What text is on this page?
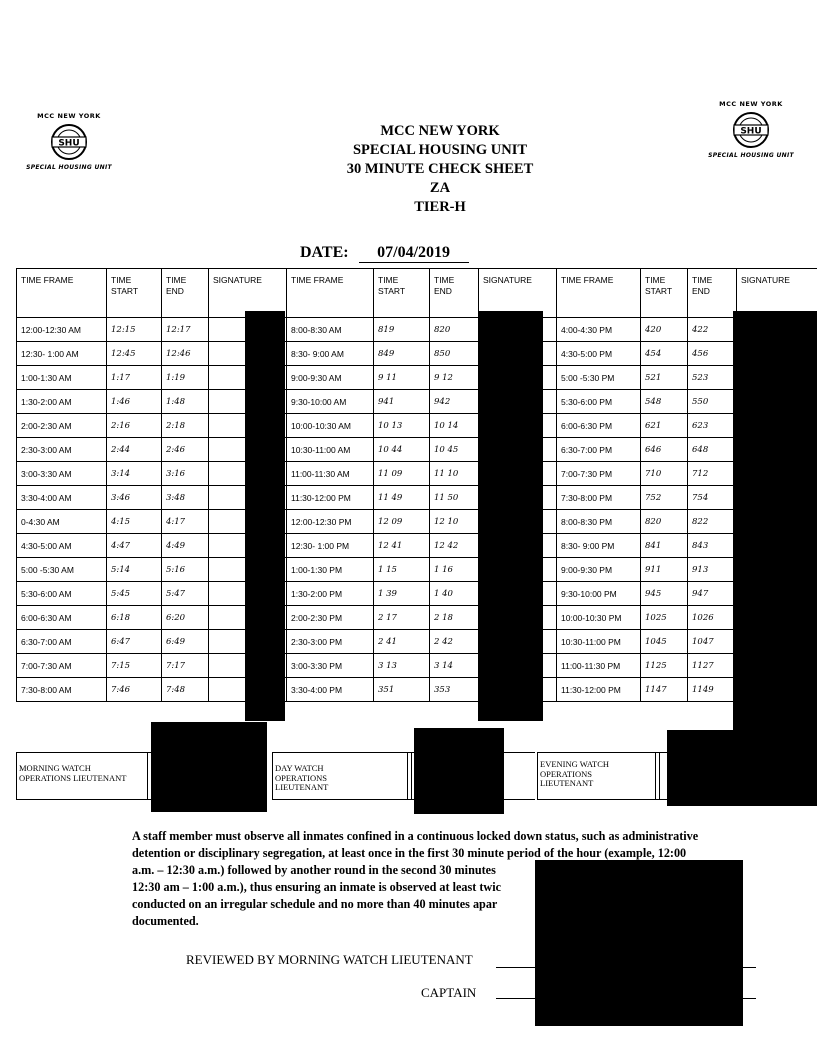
MCC NEW YORK
SHU
SPECIAL HOUSING UNIT
MCC NEW YORK
SHU
SPECIAL HOUSING UNIT
MCC NEW YORK
SPECIAL HOUSING UNIT
30 MINUTE CHECK SHEET
ZA
TIER-H
DATE: 07/04/2019
TIME FRAME	TIME START	TIME END	SIGNATURE	TIME FRAME	TIME START	TIME END	SIGNATURE	TIME FRAME	TIME START	TIME END	SIGNATURE
12:00-12:30 AM	12:15	12:17		8:00-8:30 AM	819	820		4:00-4:30 PM	420	422	
12:30- 1:00 AM	12:45	12:46		8:30- 9:00 AM	849	850		4:30-5:00 PM	454	456	
1:00-1:30 AM	1:17	1:19		9:00-9:30 AM	9 11	9 12		5:00 -5:30 PM	521	523	
1:30-2:00 AM	1:46	1:48		9:30-10:00 AM	941	942		5:30-6:00 PM	548	550	
2:00-2:30 AM	2:16	2:18		10:00-10:30 AM	10 13	10 14		6:00-6:30 PM	621	623	
2:30-3:00 AM	2:44	2:46		10:30-11:00 AM	10 44	10 45		6:30-7:00 PM	646	648	
3:00-3:30 AM	3:14	3:16		11:00-11:30 AM	11 09	11 10		7:00-7:30 PM	710	712	
3:30-4:00 AM	3:46	3:48		11:30-12:00 PM	11 49	11 50		7:30-8:00 PM	752	754	
0-4:30 AM	4:15	4:17		12:00-12:30 PM	12 09	12 10		8:00-8:30 PM	820	822	
4:30-5:00 AM	4:47	4:49		12:30- 1:00 PM	12 41	12 42		8:30- 9:00 PM	841	843	
5:00 -5:30 AM	5:14	5:16		1:00-1:30 PM	1 15	1 16		9:00-9:30 PM	911	913	
5:30-6:00 AM	5:45	5:47		1:30-2:00 PM	1 39	1 40		9:30-10:00 PM	945	947	
6:00-6:30 AM	6:18	6:20		2:00-2:30 PM	2 17	2 18		10:00-10:30 PM	1025	1026	
6:30-7:00 AM	6:47	6:49		2:30-3:00 PM	2 41	2 42		10:30-11:00 PM	1045	1047	
7:00-7:30 AM	7:15	7:17		3:00-3:30 PM	3 13	3 14		11:00-11:30 PM	1125	1127	
7:30-8:00 AM	7:46	7:48		3:30-4:00 PM	351	353		11:30-12:00 PM	1147	1149	
MORNING WATCH OPERATIONS LIEUTENANT
DAY WATCH OPERATIONS LIEUTENANT
EVENING WATCH OPERATIONS LIEUTENANT
A staff member must observe all inmates confined in a continuous locked down status, such as administrative
detention or disciplinary segregation, at least once in the first 30 minute period of the hour (example, 12:00
a.m. – 12:30 a.m.) followed by another round in the second 30 minutes
12:30 am – 1:00 a.m.), thus ensuring an inmate is observed at least twic
conducted on an irregular schedule and no more than 40 minutes apar
documented.
REVIEWED BY MORNING WATCH LIEUTENANT
CAPTAIN
